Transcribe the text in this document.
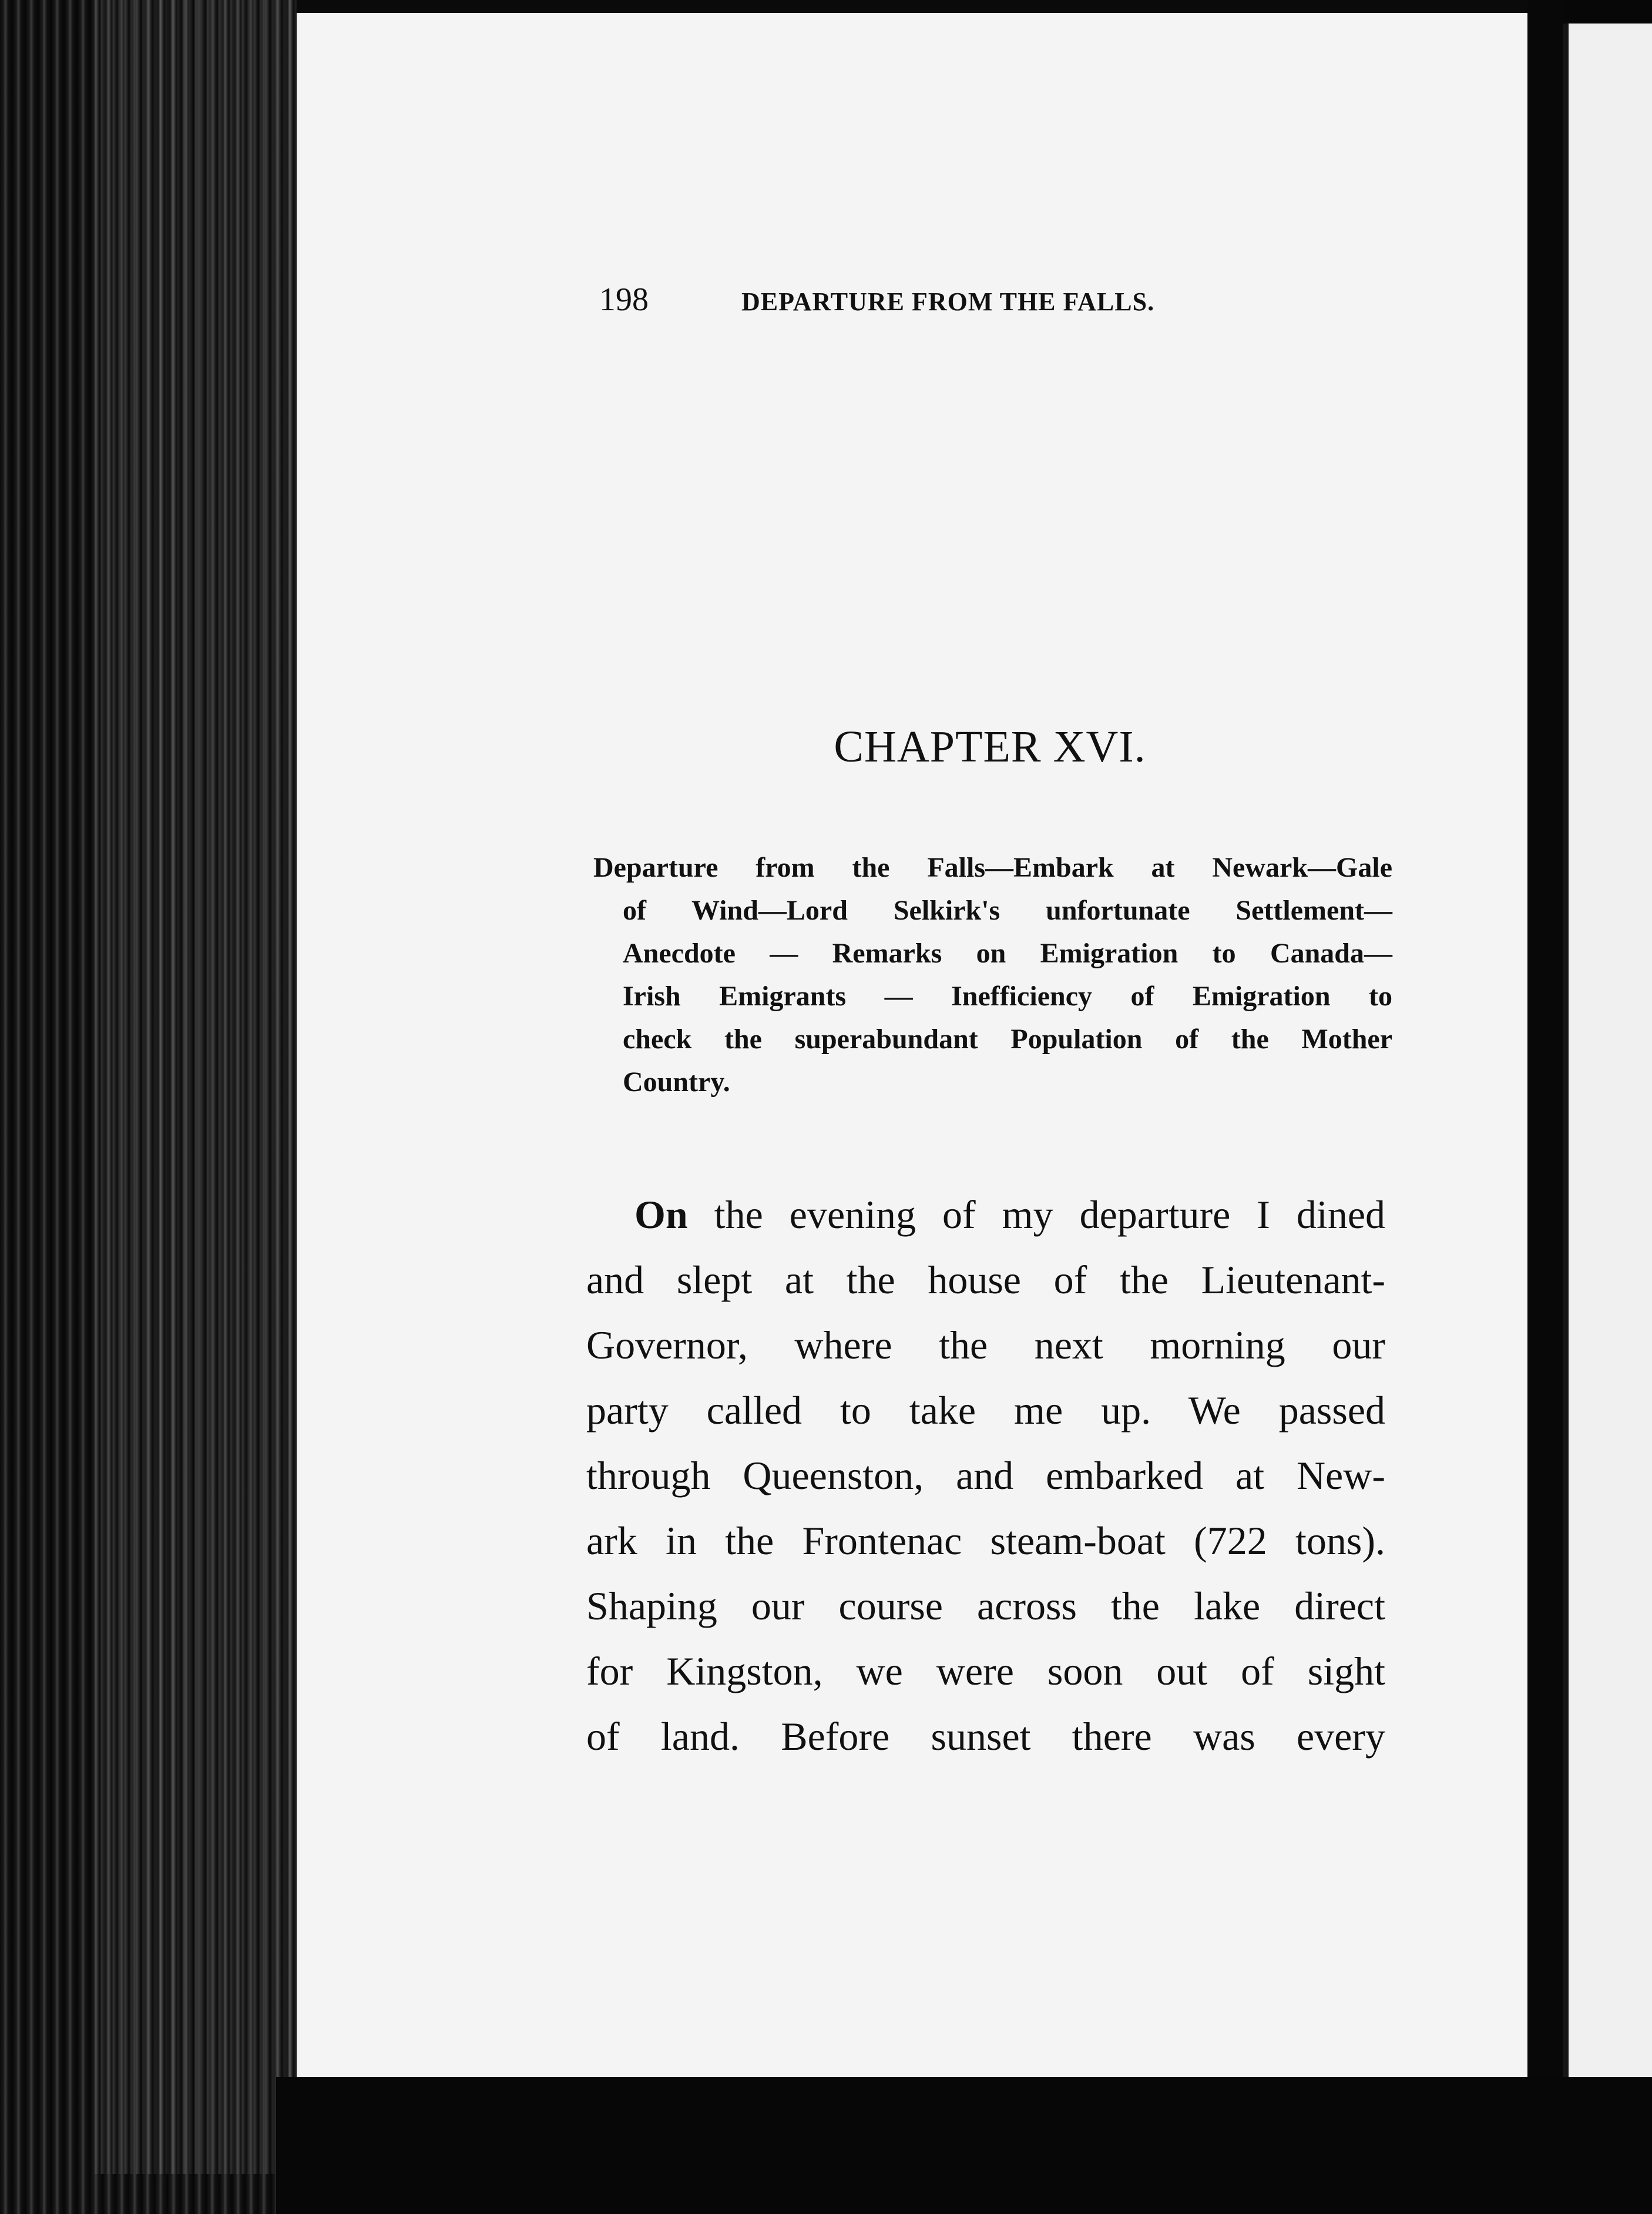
198	DEPARTURE FROM THE FALLS.
CHAPTER XVI.
Departure from the Falls—Embark at Newark—Gale
of Wind—Lord Selkirk's unfortunate Settlement—
Anecdote — Remarks on Emigration to Canada—
Irish Emigrants — Inefficiency of Emigration to
check the superabundant Population of the Mother
Country.
On the evening of my departure I dined
and slept at the house of the Lieutenant-
Governor, where the next morning our
party called to take me up. We passed
through Queenston, and embarked at New-
ark in the Frontenac steam-boat (722 tons).
Shaping our course across the lake direct
for Kingston, we were soon out of sight
of land. Before sunset there was every
